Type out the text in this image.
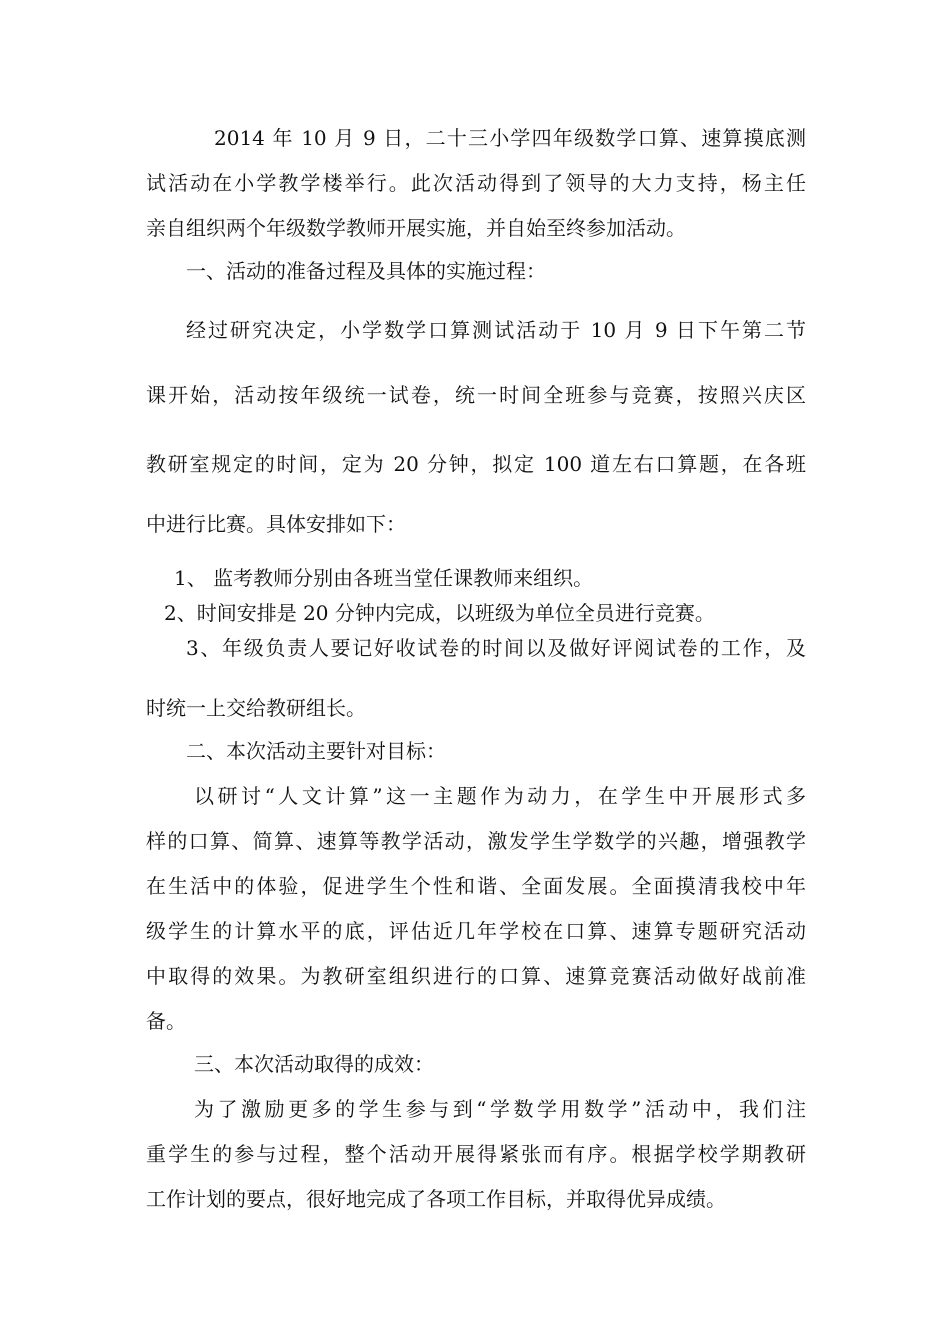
2014 年 10 月 9 日，二十三小学四年级数学口算、速算摸底测

试活动在小学教学楼举行。此次活动得到了领导的大力支持，杨主任

亲自组织两个年级数学教师开展实施，并自始至终参加活动。

一、活动的准备过程及具体的实施过程：

经过研究决定，小学数学口算测试活动于 10 月 9 日下午第二节

课开始，活动按年级统一试卷，统一时间全班参与竞赛，按照兴庆区

教研室规定的时间，定为 20 分钟，拟定 100 道左右口算题，在各班

中进行比赛。具体安排如下：

1、 监考教师分别由各班当堂任课教师来组织。

2、时间安排是 20 分钟内完成，以班级为单位全员进行竞赛。

3、年级负责人要记好收试卷的时间以及做好评阅试卷的工作，及

时统一上交给教研组长。

二、本次活动主要针对目标：

以研讨“人文计算”这一主题作为动力，在学生中开展形式多

样的口算、简算、速算等教学活动，激发学生学数学的兴趣，增强教学

在生活中的体验，促进学生个性和谐、全面发展。全面摸清我校中年

级学生的计算水平的底，评估近几年学校在口算、速算专题研究活动

中取得的效果。为教研室组织进行的口算、速算竞赛活动做好战前准

备。

三、本次活动取得的成效：

为了激励更多的学生参与到“学数学用数学”活动中，我们注

重学生的参与过程，整个活动开展得紧张而有序。根据学校学期教研

工作计划的要点，很好地完成了各项工作目标，并取得优异成绩。
